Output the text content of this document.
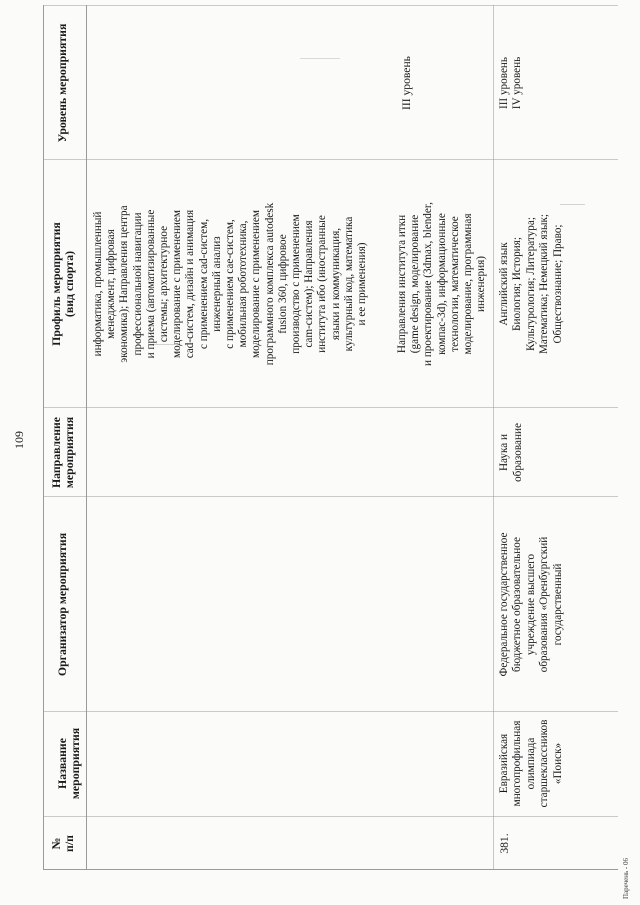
109
№
п/п
Название мероприятия
Организатор мероприятия
Направление
мероприятия
Профиль мероприятия
(вид спорта)
Уровень мероприятия
информатика, промышленный
менеджмент, цифровая
экономика); Направления центра
профессиональной навигации
и приема (автоматизированные
системы; архитектурное
моделирование с применением
cad-систем, дизайн и анимация
с применением cad-систем,
инженерный анализ
с применением cae-систем,
мобильная робототехника,
моделирование с применением
программного комплекса autodesk
fusion 360, цифровое
производство с применением
cam-систем); Направления
института ибо (иностранные
языки и коммуникация,
культурный код, математика
и ее применения)
Направления института иткн
(game design, моделирование
и проектирование (3dmax, blender,
компас-3d), информационные
технологии, математическое
моделирование, программная
инженерия)
III уровень
381.
Евразийская
многопрофильная
олимпиада
старшеклассников «Поиск»
Федеральное государственное
бюджетное образовательное
учреждение высшего
образования «Оренбургский
государственный
Наука и образование
Английский язык
Биология; История;
Культурология; Литература;
Математика; Немецкий язык;
Обществознание; Право;
III уровень
IV уровень
Паречень - 06
